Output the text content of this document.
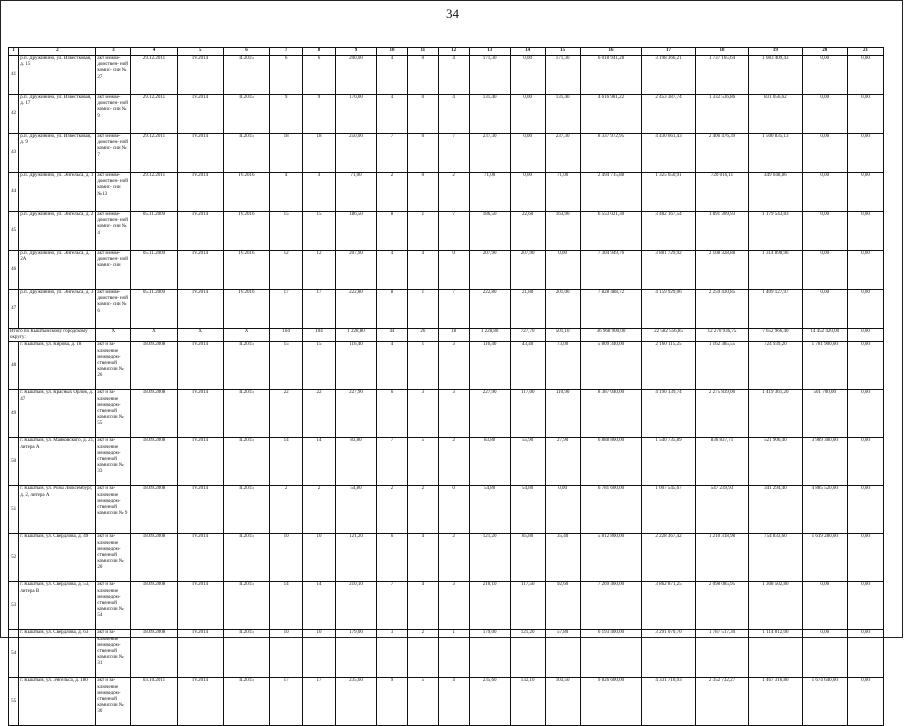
34
1	2	3	4	5	6	7	8	9	10	11	12	13	14	15	16	17	18	19	20	21
41	р.п. Дружинино, ул. Известковая, д. 15	акт межве- домствен- ной комис- сии № 27	29.12.2011	IV.2014	II.2015	6	6	200,00	4	0	4	171,30	0,00	171,30	6 018 941,28	3 198 366,21	1 737 165,64	1 083 409,43	0,00	0,00
42	р.п. Дружинино, ул. Известковая, д. 17	акт межве- домствен- ной комис- сии № 9	29.12.2011	IV.2014	II.2015	9	9	170,00	4	0	4	131,40	0,00	131,40	4 616 981,22	2 453 387,74	1 332 536,86	831 056,62	0,00	0,00
43	р.п. Дружинино, ул. Известковая, д. 9	акт межве- домствен- ной комис- сии № 7	29.12.2011	IV.2014	II.2015	18	18	250,00	7	0	7	237,30	0,00	237,30	8 337 972,95	4 430 661,43	2 406 476,39	1 500 835,13	0,00	0,00
44	р.п. Дружинино, ул. Энгельса, д. 1	акт межве- домствен- ной комис- сии №13	29.12.2011	IV.2014	IV.2016	4	4	71,00	2	0	2	71,00	0,00	71,00	2 494 715,88	1 325 650,91	720 016,11	449 048,86	0,00	0,00
45	р.п. Дружинино, ул. Энгельса, д. 2	акт межве- домствен- ной комис- сии № 4	05.11.2009	IV.2014	IV.2016	15	15	186,50	8	1	7	186,50	22,60	163,90	6 553 021,30	3 482 167,54	1 891 309,93	1 179 543,83	0,00	0,00
46	р.п. Дружинино, ул. Энгельса, д. 2А	акт межве- домствен- ной комис- сии	05.11.2009	IV.2014	IV.2016	12	12	207,90	4	4	0	207,90	207,90	0,00	7 304 949,76	3 881 729,92	2 108 328,88	1 314 890,96	0,00	0,00
47	р.п. Дружинино, ул. Энгельса, д. 3	акт межве- домствен- ной комис- сии № 6	05.11.2009	IV.2014	IV.2016	17	17	222,80	8	1	7	222,80	21,80	201,00	7 828 488,72	4 159 929,06	2 259 430,85	1 409 127,97	0,00	0,00
Итого по Кыштымскому городскому округу:		X	X	X	X	104	104	1 228,80	44	26	18	1 228,80	727,70	501,10	36 968 900,00	22 582 556,85	12 270 936,75	7 652 966,40	14 452 420,00	0,00
48	г. Кыштым, ул. Кирова, д. 18	акт и за- ключение межведом- ственной комиссии № 26	18.09.2008	IV.2014	II.2015	15	15	116,40	4	1	3	116,40	43,40	73,00	5 809 340,00	2 160 115,25	1 162 385,55	724 939,20	1 781 900,00	0,00
49	г. Кыштым, ул. Красных Орлов, д. 47	акт и за- ключение межведом- ственной комиссии № 55	18.09.2008	IV.2014	II.2015	22	22	227,90	6	3	3	227,90	117,00	110,90	8 387 040,00	4 190 139,74	2 275 839,06	1 419 361,20	501 700,00	0,00
50	г. Кыштым, ул. Маяковского, д. 21, литера А	акт и за- ключение межведом- ственной комиссии № 33	18.09.2008	IV.2014	II.2015	14	14	83,80	7	5	2	83,80	55,90	27,90	6 888 860,00	1 540 735,89	836 837,71	521 906,40	3 989 380,00	0,00
51	г. Кыштым, ул. Розы Люксембург, д. 2, литера А	акт и за- ключение межведом- ственной комиссии № 9	18.09.2008	IV.2014	II.2015	2	2	54,80	2	2	0	54,80	54,80	0,00	6 781 600,00	1 007 545,67	547 239,93	341 294,40	4 885 520,00	0,00
52	г. Кыштым, ул. Свердлова, д. 49	акт и за- ключение межведом- ственной комиссии № 20	18.09.2008	IV.2014	II.2015	10	10	121,20	6	4	2	121,20	85,80	35,40	5 812 800,00	2 228 367,42	1 210 318,98	754 833,60	1 619 280,00	0,00
53	г. Кыштым, ул. Свердлова, д. 53, литера В	акт и за- ключение межведом- ственной комиссии № 54	18.09.2008	IV.2014	II.2015	14	14	210,10	7	4	3	210,10	117,50	92,60	7 269 460,00	3 862 871,25	2 098 085,95	1 308 502,80	0,00	0,00
54	г. Кыштым, ул. Свердлова, д. 63	акт и за- ключение межведом- ственной комиссии № 31	18.09.2008	IV.2014	II.2015	10	10	179,00	3	2	1	179,00	121,20	57,80	6 193 400,00	3 291 070,70	1 787 517,30	1 114 812,00	0,00	0,00
55	г. Кыштым, ул. Энгельса, д. 180	акт и за- ключение межведом- ственной комиссии № 30	03.10.2011	IV.2014	II.2015	17	17	235,60	9	5	4	235,60	132,10	103,50	9 826 600,00	4 331 710,93	2 352 732,27	1 467 316,80	1 674 640,00	0,00
